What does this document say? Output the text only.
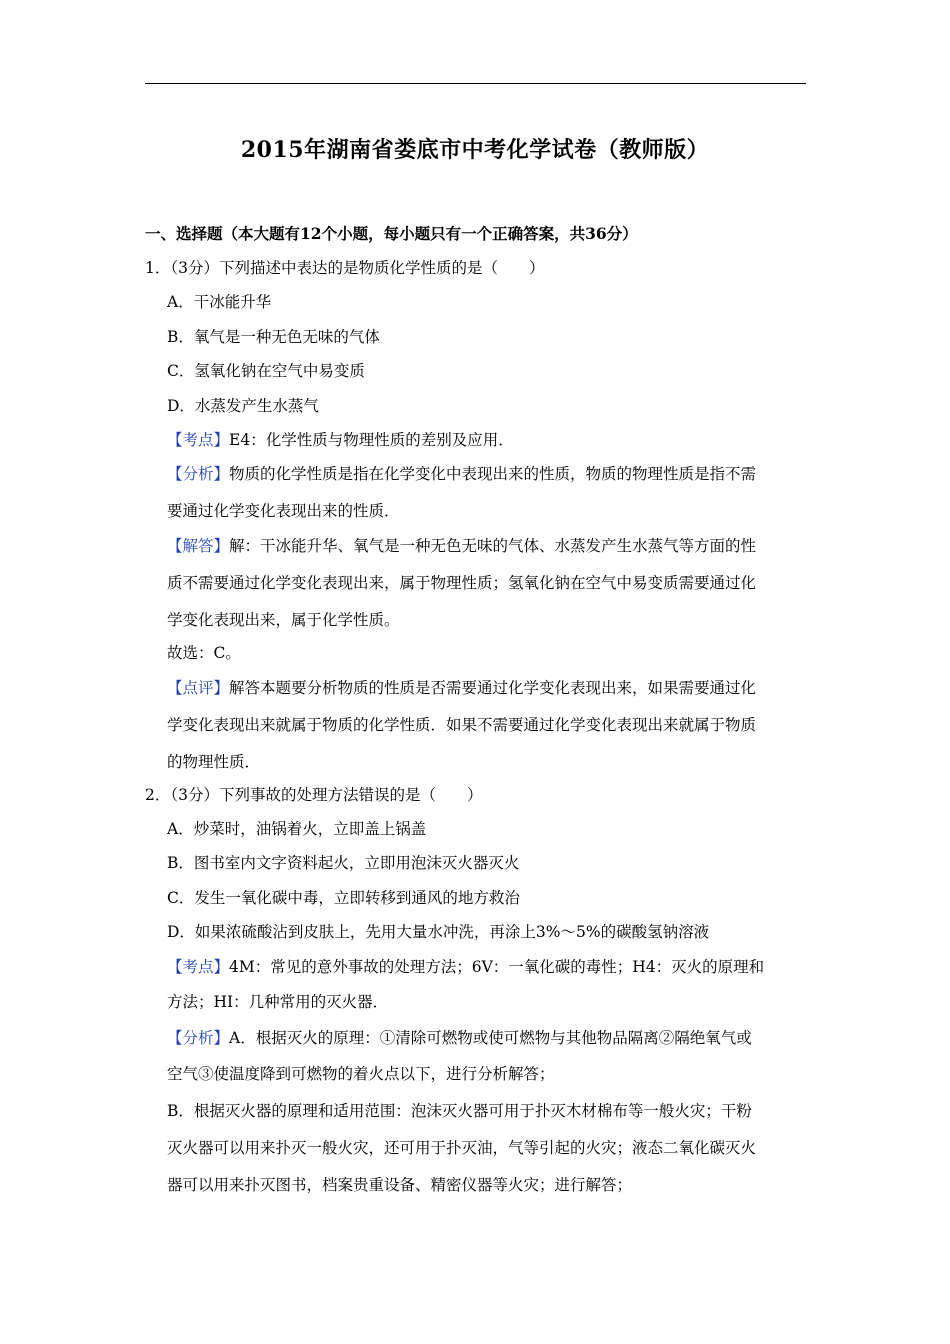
2015年湖南省娄底市中考化学试卷（教师版）
一、选择题（本大题有12个小题，每小题只有一个正确答案，共36分）
1．（3分）下列描述中表达的是物质化学性质的是（　　）
A．干冰能升华
B．氧气是一种无色无味的气体
C．氢氧化钠在空气中易变质
D．水蒸发产生水蒸气
【考点】E4：化学性质与物理性质的差别及应用．
【分析】物质的化学性质是指在化学变化中表现出来的性质，物质的物理性质是指不需
要通过化学变化表现出来的性质．
【解答】解：干冰能升华、氧气是一种无色无味的气体、水蒸发产生水蒸气等方面的性
质不需要通过化学变化表现出来，属于物理性质；氢氧化钠在空气中易变质需要通过化
学变化表现出来，属于化学性质。
故选：C。
【点评】解答本题要分析物质的性质是否需要通过化学变化表现出来，如果需要通过化
学变化表现出来就属于物质的化学性质．如果不需要通过化学变化表现出来就属于物质
的物理性质．
2．（3分）下列事故的处理方法错误的是（　　）
A．炒菜时，油锅着火，立即盖上锅盖
B．图书室内文字资料起火，立即用泡沫灭火器灭火
C．发生一氧化碳中毒，立即转移到通风的地方救治
D．如果浓硫酸沾到皮肤上，先用大量水冲洗，再涂上3%～5%的碳酸氢钠溶液
【考点】4M：常见的意外事故的处理方法；6V：一氧化碳的毒性；H4：灭火的原理和
方法；HI：几种常用的灭火器．
【分析】A．根据灭火的原理：①清除可燃物或使可燃物与其他物品隔离②隔绝氧气或
空气③使温度降到可燃物的着火点以下，进行分析解答；
B．根据灭火器的原理和适用范围：泡沫灭火器可用于扑灭木材棉布等一般火灾；干粉
灭火器可以用来扑灭一般火灾，还可用于扑灭油，气等引起的火灾；液态二氧化碳灭火
器可以用来扑灭图书，档案贵重设备、精密仪器等火灾；进行解答；
